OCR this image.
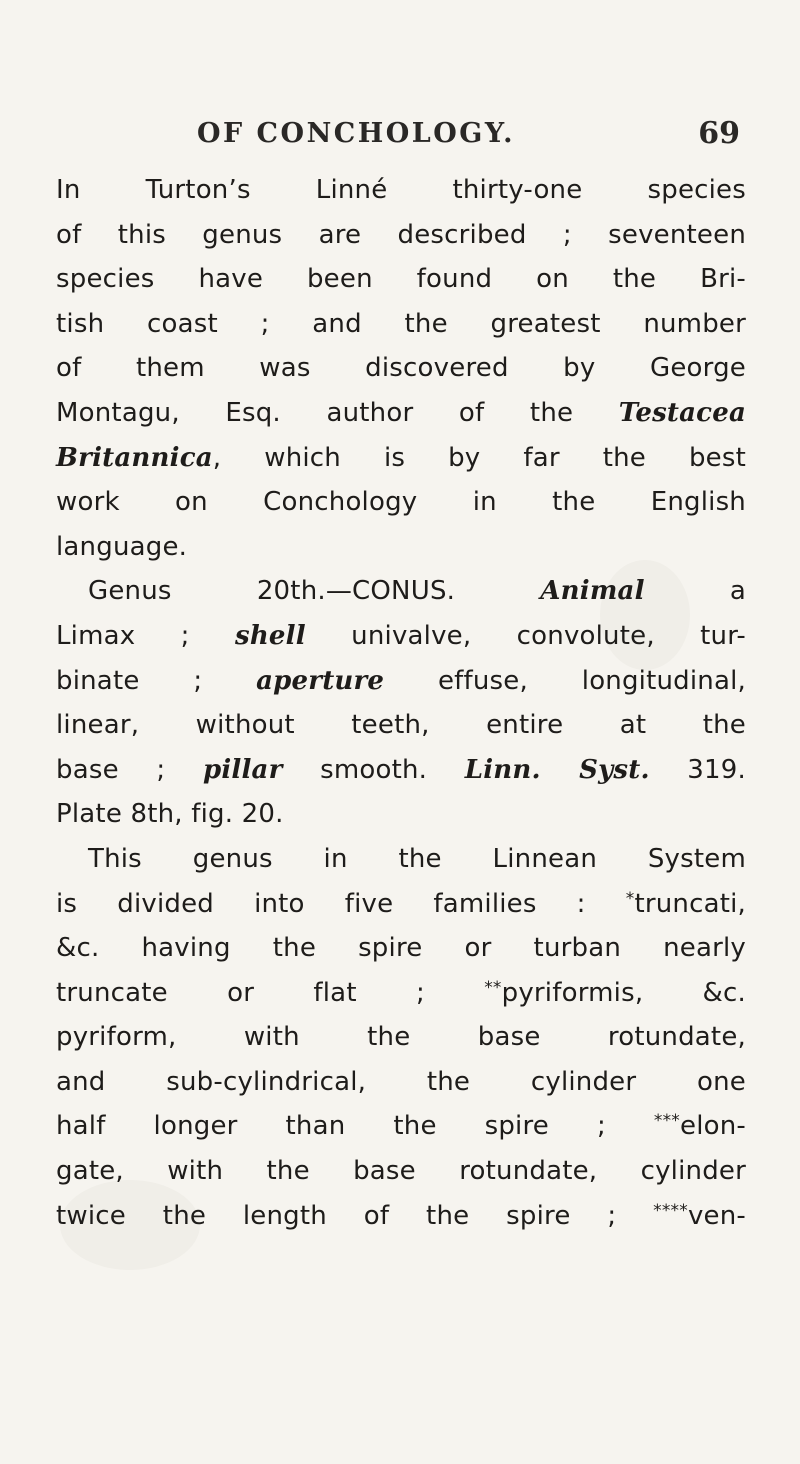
OF CONCHOLOGY.	69
In Turton’s Linné thirty-one species
of this genus are described ; seventeen
species have been found on the Bri-
tish coast ; and the greatest number
of them was discovered by George
Montagu, Esq. author of the Testacea
Britannica, which is by far the best
work on Conchology in the English
language.
Genus 20th.—CONUS. Animal a
Limax ; shell univalve, convolute, tur-
binate ; aperture effuse, longitudinal,
linear, without teeth, entire at the
base ; pillar smooth. Linn. Syst. 319.
Plate 8th, fig. 20.
This genus in the Linnean System
is divided into five families : *truncati,
&c. having the spire or turban nearly
truncate or flat ; **pyriformis, &c.
pyriform, with the base rotundate,
and sub-cylindrical, the cylinder one
half longer than the spire ; ***elon-
gate, with the base rotundate, cylinder
twice the length of the spire ; ****ven-
